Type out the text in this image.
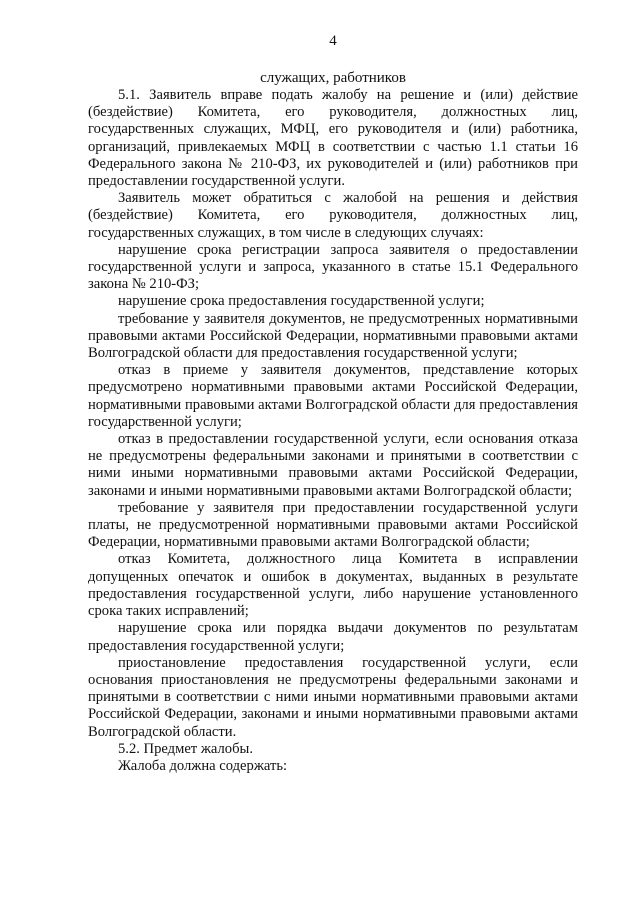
4
служащих, работников

5.1. Заявитель вправе подать жалобу на решение и (или) действие (бездействие) Комитета, его руководителя, должностных лиц, государственных служащих, МФЦ, его руководителя и (или) работника, организаций, привлекаемых МФЦ в соответствии с частью 1.1 статьи 16 Федерального закона № 210-ФЗ, их руководителей и (или) работников при предоставлении государственной услуги.

Заявитель может обратиться с жалобой на решения и действия (бездействие) Комитета, его руководителя, должностных лиц, государственных служащих, в том числе в следующих случаях:

нарушение срока регистрации запроса заявителя о предоставлении государственной услуги и запроса, указанного в статье 15.1 Федерального закона № 210-ФЗ;

нарушение срока предоставления государственной услуги;

требование у заявителя документов, не предусмотренных нормативными правовыми актами Российской Федерации, нормативными правовыми актами Волгоградской области для предоставления государственной услуги;

отказ в приеме у заявителя документов, представление которых предусмотрено нормативными правовыми актами Российской Федерации, нормативными правовыми актами Волгоградской области для предоставления государственной услуги;

отказ в предоставлении государственной услуги, если основания отказа не предусмотрены федеральными законами и принятыми в соответствии с ними иными нормативными правовыми актами Российской Федерации, законами и иными нормативными правовыми актами Волгоградской области;

требование у заявителя при предоставлении государственной услуги платы, не предусмотренной нормативными правовыми актами Российской Федерации, нормативными правовыми актами Волгоградской области;

отказ Комитета, должностного лица Комитета в исправлении допущенных опечаток и ошибок в документах, выданных в результате предоставления государственной услуги, либо нарушение установленного срока таких исправлений;

нарушение срока или порядка выдачи документов по результатам предоставления государственной услуги;

приостановление предоставления государственной услуги, если основания приостановления не предусмотрены федеральными законами и принятыми в соответствии с ними иными нормативными правовыми актами Российской Федерации, законами и иными нормативными правовыми актами Волгоградской области.

5.2. Предмет жалобы.

Жалоба должна содержать:
